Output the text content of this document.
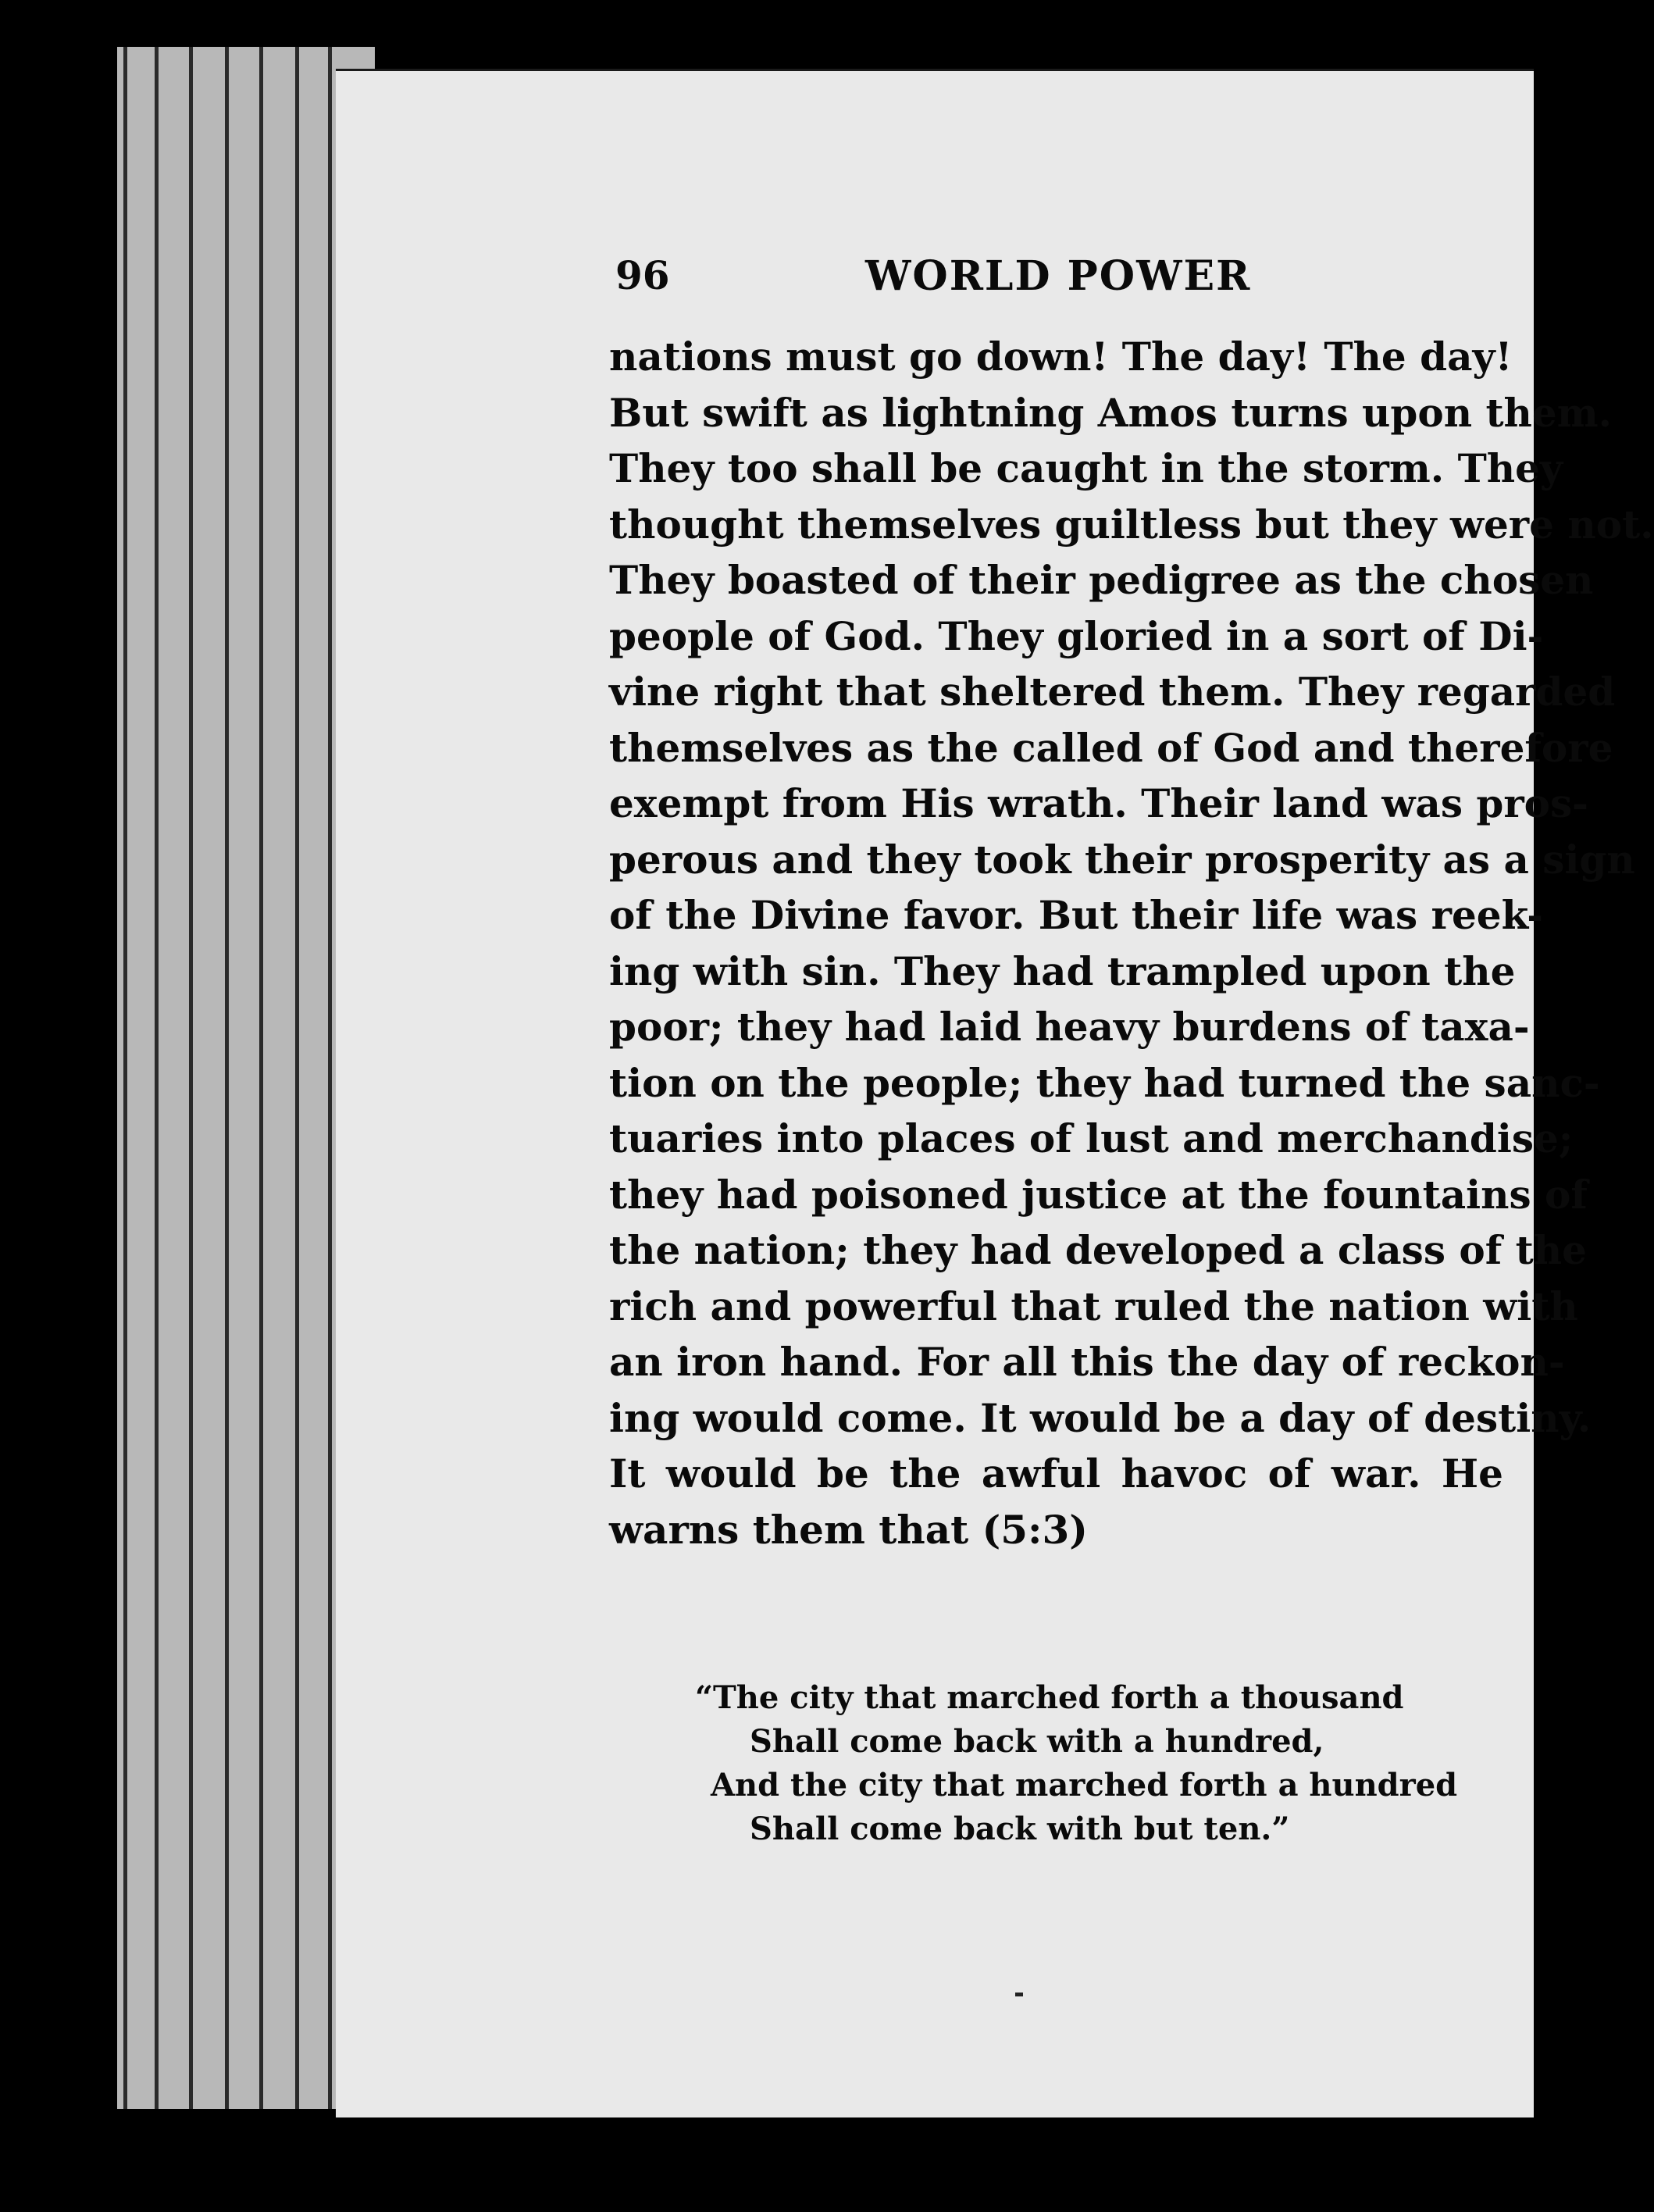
96	WORLD POWER
nations must go down! The day! The day!
But swift as lightning Amos turns upon them.
They too shall be caught in the storm. They
thought themselves guiltless but they were not.
They boasted of their pedigree as the chosen
people of God. They gloried in a sort of Di-
vine right that sheltered them. They regarded
themselves as the called of God and therefore
exempt from His wrath. Their land was pros-
perous and they took their prosperity as a sign
of the Divine favor. But their life was reek-
ing with sin. They had trampled upon the
poor; they had laid heavy burdens of taxa-
tion on the people; they had turned the sanc-
tuaries into places of lust and merchandise;
they had poisoned justice at the fountains of
the nation; they had developed a class of the
rich and powerful that ruled the nation with
an iron hand. For all this the day of reckon-
ing would come. It would be a day of destiny.
It would be the awful havoc of war. He
warns them that (5:3)
“The city that marched forth a thousand
Shall come back with a hundred,
And the city that marched forth a hundred
Shall come back with but ten.”
